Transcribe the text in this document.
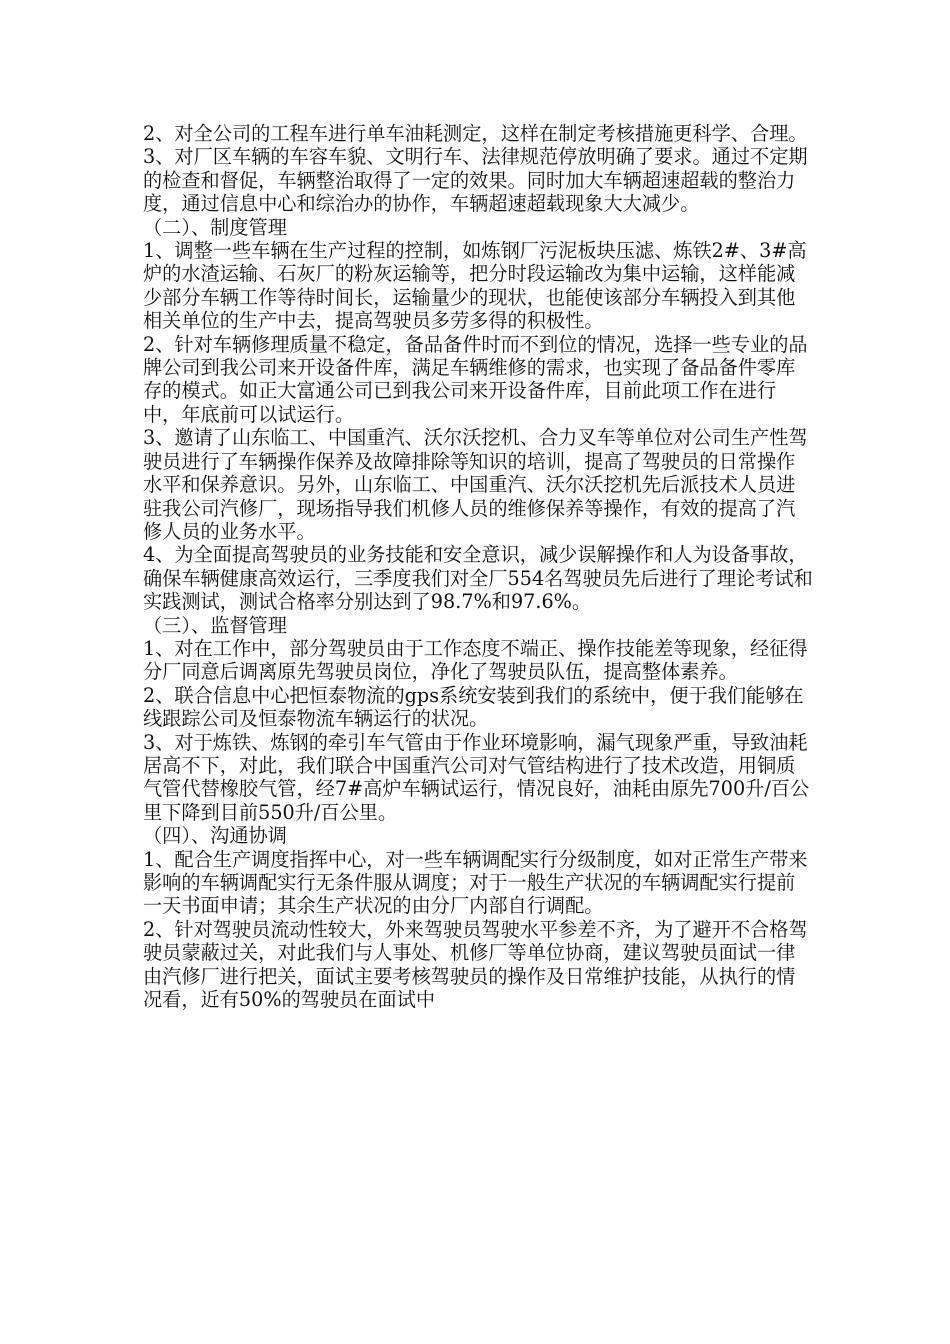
2、对全公司的工程车进行单车油耗测定，这样在制定考核措施更科学、合理。

3、对厂区车辆的车容车貌、文明行车、法律规范停放明确了要求。通过不定期的检查和督促，车辆整治取得了一定的效果。同时加大车辆超速超载的整治力度，通过信息中心和综治办的协作，车辆超速超载现象大大减少。

（二）、制度管理

1、调整一些车辆在生产过程的控制，如炼钢厂污泥板块压滤、炼铁2#、3#高炉的水渣运输、石灰厂的粉灰运输等，把分时段运输改为集中运输，这样能减少部分车辆工作等待时间长，运输量少的现状，也能使该部分车辆投入到其他相关单位的生产中去，提高驾驶员多劳多得的积极性。

2、针对车辆修理质量不稳定，备品备件时而不到位的情况，选择一些专业的品牌公司到我公司来开设备件库，满足车辆维修的需求，也实现了备品备件零库存的模式。如正大富通公司已到我公司来开设备件库，目前此项工作在进行中，年底前可以试运行。

3、邀请了山东临工、中国重汽、沃尔沃挖机、合力叉车等单位对公司生产性驾驶员进行了车辆操作保养及故障排除等知识的培训，提高了驾驶员的日常操作水平和保养意识。另外，山东临工、中国重汽、沃尔沃挖机先后派技术人员进驻我公司汽修厂，现场指导我们机修人员的维修保养等操作，有效的提高了汽修人员的业务水平。

4、为全面提高驾驶员的业务技能和安全意识，减少误解操作和人为设备事故，确保车辆健康高效运行，三季度我们对全厂554名驾驶员先后进行了理论考试和实践测试，测试合格率分别达到了98.7%和97.6%。

（三）、监督管理

1、对在工作中，部分驾驶员由于工作态度不端正、操作技能差等现象，经征得分厂同意后调离原先驾驶员岗位，净化了驾驶员队伍，提高整体素养。

2、联合信息中心把恒泰物流的gps系统安装到我们的系统中，便于我们能够在线跟踪公司及恒泰物流车辆运行的状况。

3、对于炼铁、炼钢的牵引车气管由于作业环境影响，漏气现象严重，导致油耗居高不下，对此，我们联合中国重汽公司对气管结构进行了技术改造，用铜质气管代替橡胶气管，经7#高炉车辆试运行，情况良好，油耗由原先700升/百公里下降到目前550升/百公里。

（四）、沟通协调

1、配合生产调度指挥中心，对一些车辆调配实行分级制度，如对正常生产带来影响的车辆调配实行无条件服从调度；对于一般生产状况的车辆调配实行提前一天书面申请；其余生产状况的由分厂内部自行调配。

2、针对驾驶员流动性较大，外来驾驶员驾驶水平参差不齐，为了避开不合格驾驶员蒙蔽过关，对此我们与人事处、机修厂等单位协商，建议驾驶员面试一律由汽修厂进行把关，面试主要考核驾驶员的操作及日常维护技能，从执行的情况看，近有50%的驾驶员在面试中
